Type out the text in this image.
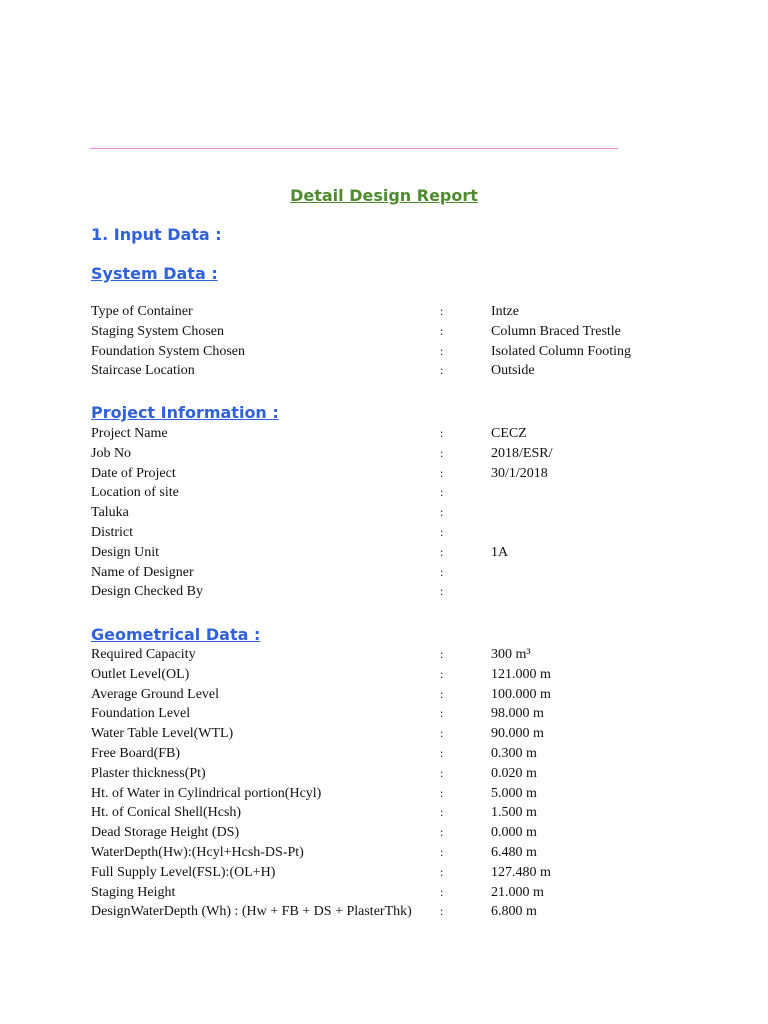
Detail Design Report
1. Input Data :
System Data :
Type of Container	:	Intze
Staging System Chosen	:	Column Braced Trestle
Foundation System Chosen	:	Isolated Column Footing
Staircase Location	:	Outside
Project Information :
Project Name	:	CECZ
Job No	:	2018/ESR/
Date of Project	:	30/1/2018
Location of site	:
Taluka	:
District	:
Design Unit	:	1A
Name of Designer	:
Design Checked By	:
Geometrical Data :
Required Capacity	:	300 m³
Outlet Level(OL)	:	121.000 m
Average Ground Level	:	100.000 m
Foundation Level	:	98.000 m
Water Table Level(WTL)	:	90.000 m
Free Board(FB)	:	0.300 m
Plaster thickness(Pt)	:	0.020 m
Ht. of Water in Cylindrical portion(Hcyl)	:	5.000 m
Ht. of Conical Shell(Hcsh)	:	1.500 m
Dead Storage Height (DS)	:	0.000 m
WaterDepth(Hw):(Hcyl+Hcsh-DS-Pt)	:	6.480 m
Full Supply Level(FSL):(OL+H)	:	127.480 m
Staging Height	:	21.000 m
DesignWaterDepth (Wh) : (Hw + FB + DS + PlasterThk) :	6.800 m
